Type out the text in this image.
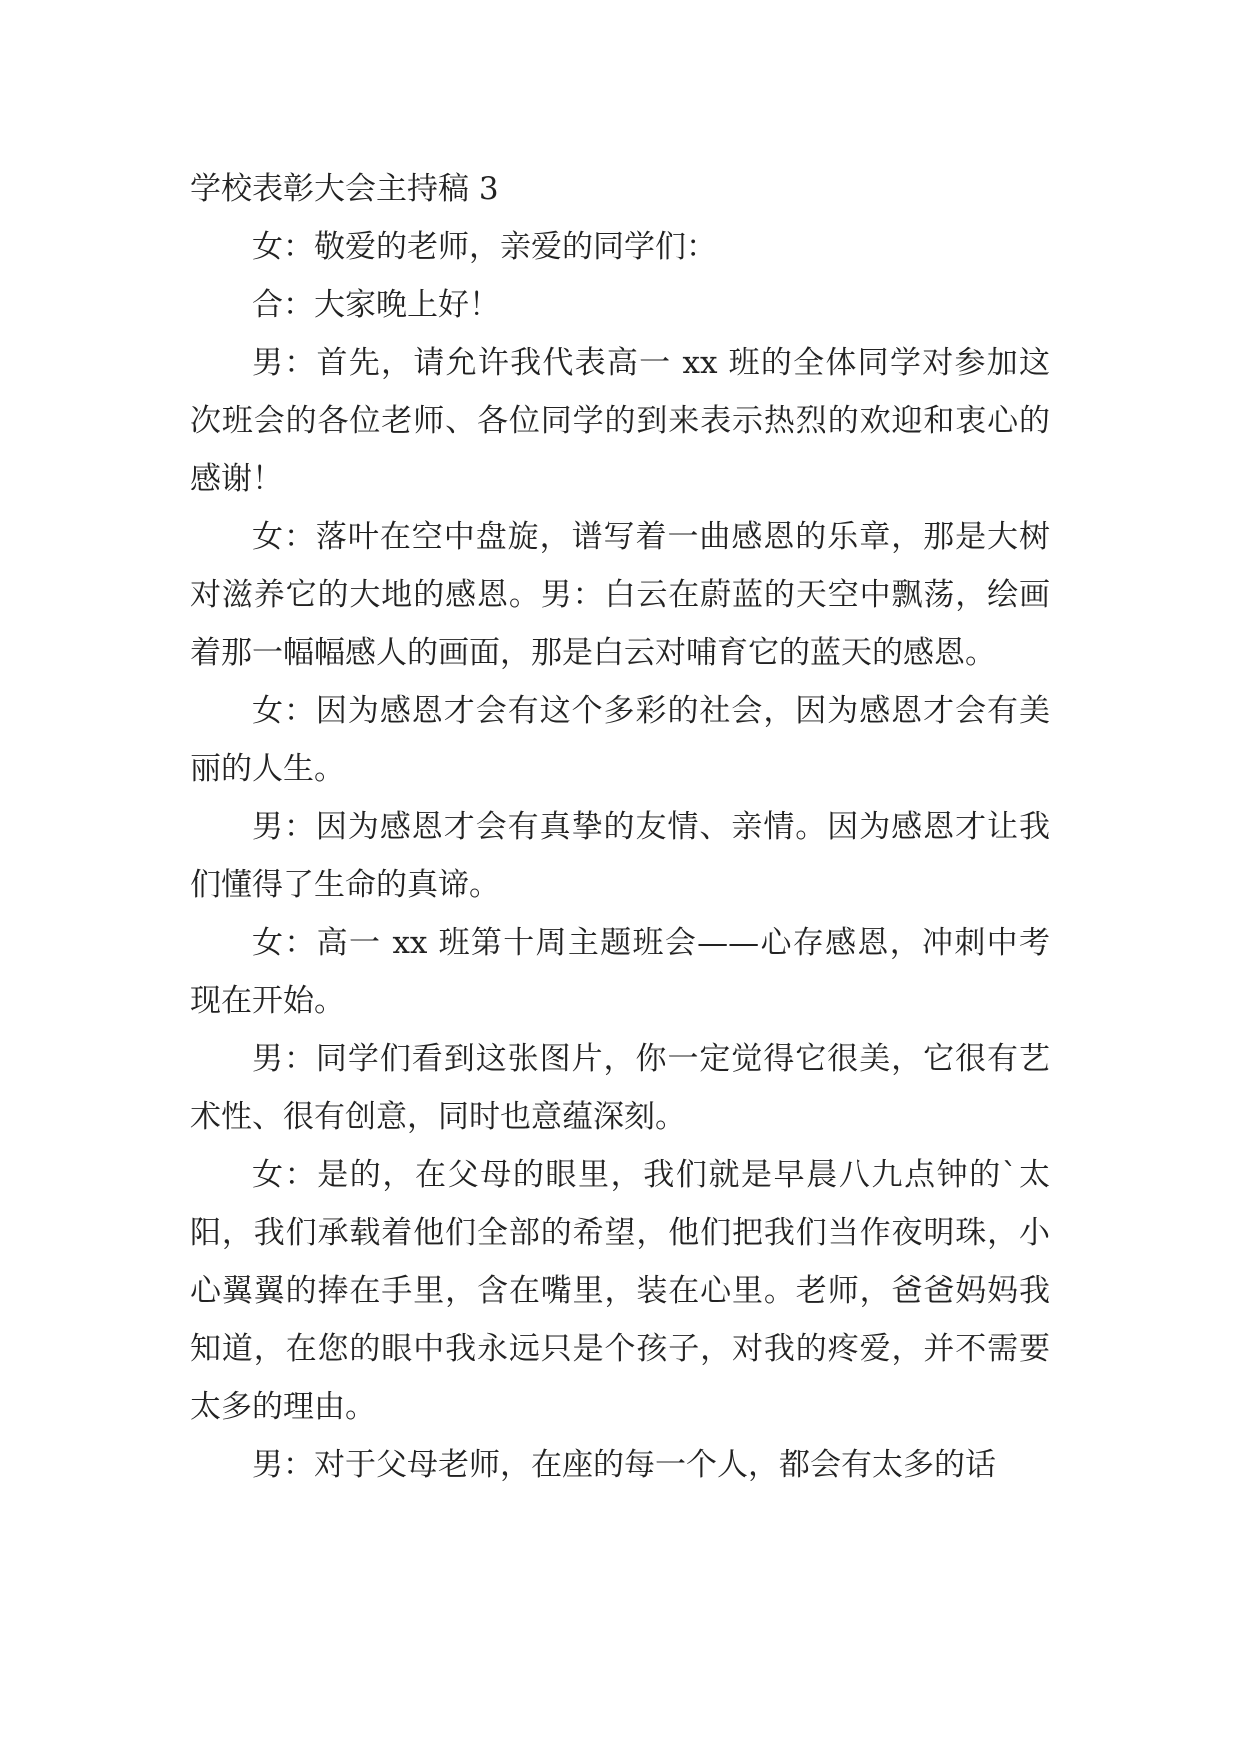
学校表彰大会主持稿 3

女：敬爱的老师，亲爱的同学们：

合：大家晚上好！

男：首先，请允许我代表高一 xx 班的全体同学对参加这次班会的各位老师、各位同学的到来表示热烈的欢迎和衷心的感谢！

女：落叶在空中盘旋，谱写着一曲感恩的乐章，那是大树对滋养它的大地的感恩。男：白云在蔚蓝的天空中飘荡，绘画着那一幅幅感人的画面，那是白云对哺育它的蓝天的感恩。

女：因为感恩才会有这个多彩的社会，因为感恩才会有美丽的人生。

男：因为感恩才会有真挚的友情、亲情。因为感恩才让我们懂得了生命的真谛。

女：高一 xx 班第十周主题班会——心存感恩，冲刺中考现在开始。

男：同学们看到这张图片，你一定觉得它很美，它很有艺术性、很有创意，同时也意蕴深刻。

女：是的，在父母的眼里，我们就是早晨八九点钟的`太阳，我们承载着他们全部的希望，他们把我们当作夜明珠，小心翼翼的捧在手里，含在嘴里，装在心里。老师，爸爸妈妈我知道，在您的眼中我永远只是个孩子，对我的疼爱，并不需要太多的理由。

男：对于父母老师，在座的每一个人，都会有太多的话
